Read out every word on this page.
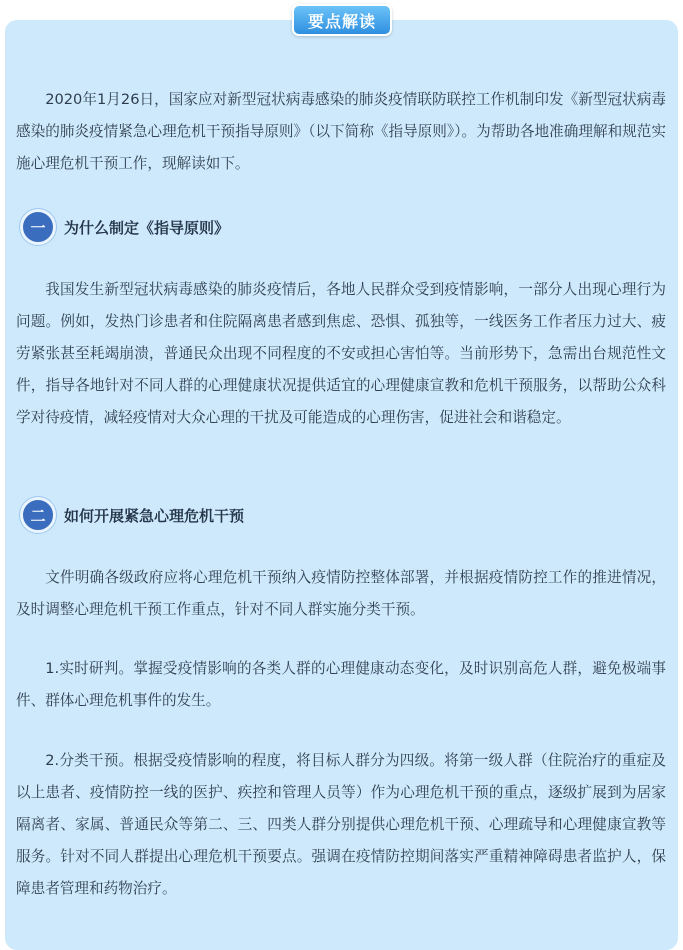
要点解读

2020年1月26日，国家应对新型冠状病毒感染的肺炎疫情联防联控工作机制印发《新型冠状病毒感染的肺炎疫情紧急心理危机干预指导原则》（以下简称《指导原则》）。为帮助各地准确理解和规范实施心理危机干预工作，现解读如下。

一	为什么制定《指导原则》

我国发生新型冠状病毒感染的肺炎疫情后，各地人民群众受到疫情影响，一部分人出现心理行为问题。例如，发热门诊患者和住院隔离患者感到焦虑、恐惧、孤独等，一线医务工作者压力过大、疲劳紧张甚至耗竭崩溃，普通民众出现不同程度的不安或担心害怕等。当前形势下，急需出台规范性文件，指导各地针对不同人群的心理健康状况提供适宜的心理健康宣教和危机干预服务，以帮助公众科学对待疫情，减轻疫情对大众心理的干扰及可能造成的心理伤害，促进社会和谐稳定。

二	如何开展紧急心理危机干预

文件明确各级政府应将心理危机干预纳入疫情防控整体部署，并根据疫情防控工作的推进情况，及时调整心理危机干预工作重点，针对不同人群实施分类干预。

1.实时研判。掌握受疫情影响的各类人群的心理健康动态变化，及时识别高危人群，避免极端事件、群体心理危机事件的发生。

2.分类干预。根据受疫情影响的程度，将目标人群分为四级。将第一级人群（住院治疗的重症及以上患者、疫情防控一线的医护、疾控和管理人员等）作为心理危机干预的重点，逐级扩展到为居家隔离者、家属、普通民众等第二、三、四类人群分别提供心理危机干预、心理疏导和心理健康宣教等服务。针对不同人群提出心理危机干预要点。强调在疫情防控期间落实严重精神障碍患者监护人，保障患者管理和药物治疗。
